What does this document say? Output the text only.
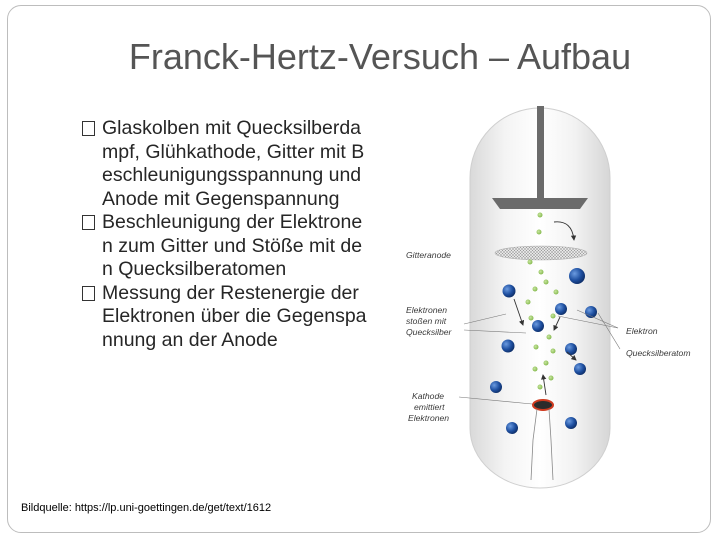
Franck-Hertz-Versuch – Aufbau
Glaskolben mit Quecksilberdampf, Glühkathode, Gitter mit Beschleunigungsspannung und Anode mit Gegenspannung
Beschleunigung der Elektronen zum Gitter und Stöße mit den Quecksilberatomen
Messung der Restenergie der Elektronen über die Gegenspannung an der Anode
Bildquelle: https://lp.uni-goettingen.de/get/text/1612
Gitteranode
Elektronen
stoßen mit
Quecksilber	Elektron
Quecksilberatom
Kathode
emittiert
Elektronen
